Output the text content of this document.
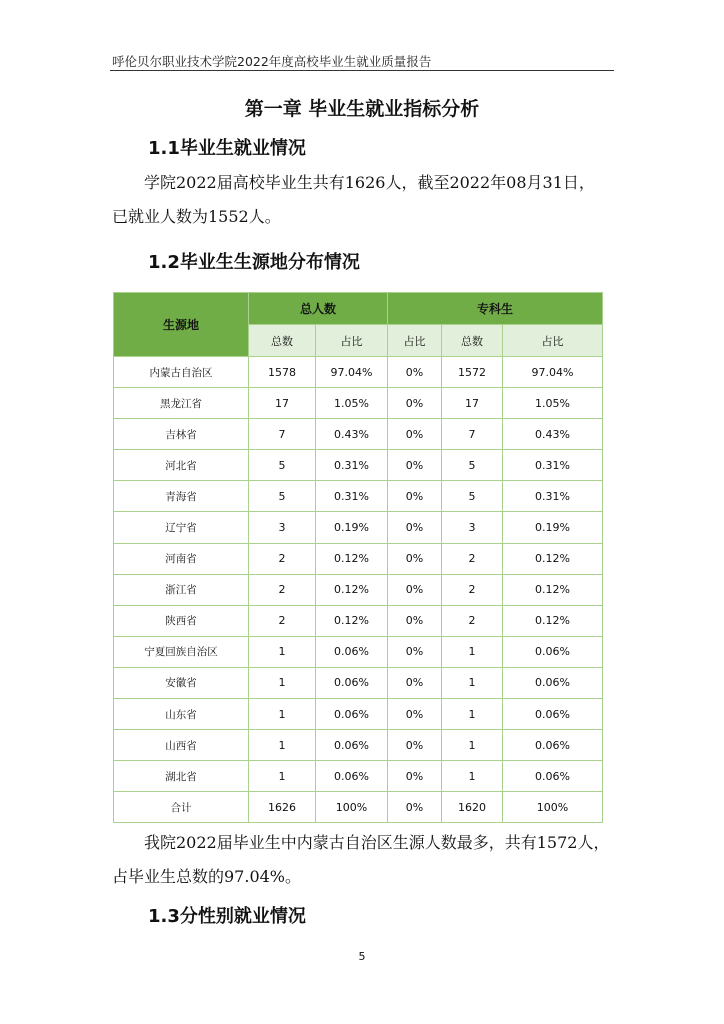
呼伦贝尔职业技术学院2022年度高校毕业生就业质量报告
第一章 毕业生就业指标分析
1.1毕业生就业情况
学院2022届高校毕业生共有1626人，截至2022年08月31日，
已就业人数为1552人。
1.2毕业生生源地分布情况
生源地	总人数		专科生		
	总数	占比	占比	总数	占比
内蒙古自治区	1578	97.04%	0%	1572	97.04%
黑龙江省	17	1.05%	0%	17	1.05%
吉林省	7	0.43%	0%	7	0.43%
河北省	5	0.31%	0%	5	0.31%
青海省	5	0.31%	0%	5	0.31%
辽宁省	3	0.19%	0%	3	0.19%
河南省	2	0.12%	0%	2	0.12%
浙江省	2	0.12%	0%	2	0.12%
陕西省	2	0.12%	0%	2	0.12%
宁夏回族自治区	1	0.06%	0%	1	0.06%
安徽省	1	0.06%	0%	1	0.06%
山东省	1	0.06%	0%	1	0.06%
山西省	1	0.06%	0%	1	0.06%
湖北省	1	0.06%	0%	1	0.06%
合计	1626	100%	0%	1620	100%
1.3分性别就业情况
我院2022届毕业生中内蒙古自治区生源人数最多，共有1572人，
占毕业生总数的97.04%。
5
